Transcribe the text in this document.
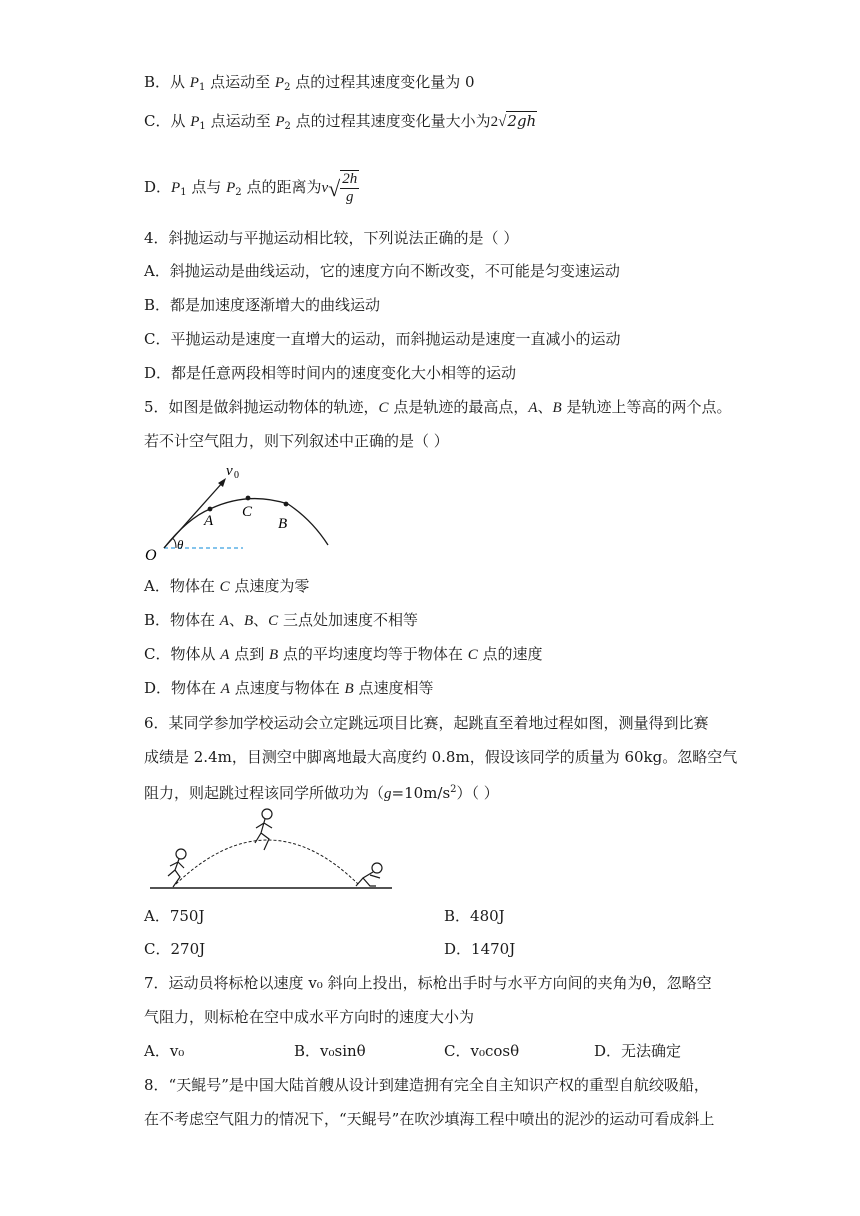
B．从 $P_1$ 点运动至 $P_2$ 点的过程其速度变化量为 0
C．从 $P_1$ 点运动至 $P_2$ 点的过程其速度变化量大小为2√2gh
D．$P_1$ 点与 $P_2$ 点的距离为$v√ \frac{2h}{g}$
4．斜抛运动与平抛运动相比较，下列说法正确的是（ ）
A．斜抛运动是曲线运动，它的速度方向不断改变，不可能是匀变速运动
B．都是加速度逐渐增大的曲线运动
C．平抛运动是速度一直增大的运动，而斜抛运动是速度一直减小的运动
D．都是任意两段相等时间内的速度变化大小相等的运动
5．如图是做斜抛运动物体的轨迹，C 点是轨迹的最高点，A、B 是轨迹上等高的两个点。
若不计空气阻力，则下列叙述中正确的是（ ）
v 0
A
C
B
O
θ
A．物体在 C 点速度为零
B．物体在 A、B、C 三点处加速度不相等
C．物体从 A 点到 B 点的平均速度均等于物体在 C 点的速度
D．物体在 A 点速度与物体在 B 点速度相等
6．某同学参加学校运动会立定跳远项目比赛，起跳直至着地过程如图，测量得到比赛
成绩是 2.4m，目测空中脚离地最大高度约 0.8m，假设该同学的质量为 60kg。忽略空气
阻力，则起跳过程该同学所做功为$(g=10m/s^2)$（ ）
A．750J	B．480J
C．270J	D．1470J
7．运动员将标枪以速度 v₀ 斜向上投出，标枪出手时与水平方向间的夹角为θ，忽略空
气阻力，则标枪在空中成水平方向时的速度大小为
A．v₀	B．v₀sinθ	C．v₀cosθ	D．无法确定
8．“天鲲号”是中国大陆首艘从设计到建造拥有完全自主知识产权的重型自航绞吸船，
在不考虑空气阻力的情况下，“天鲲号”在吹沙填海工程中喷出的泥沙的运动可看成斜上
